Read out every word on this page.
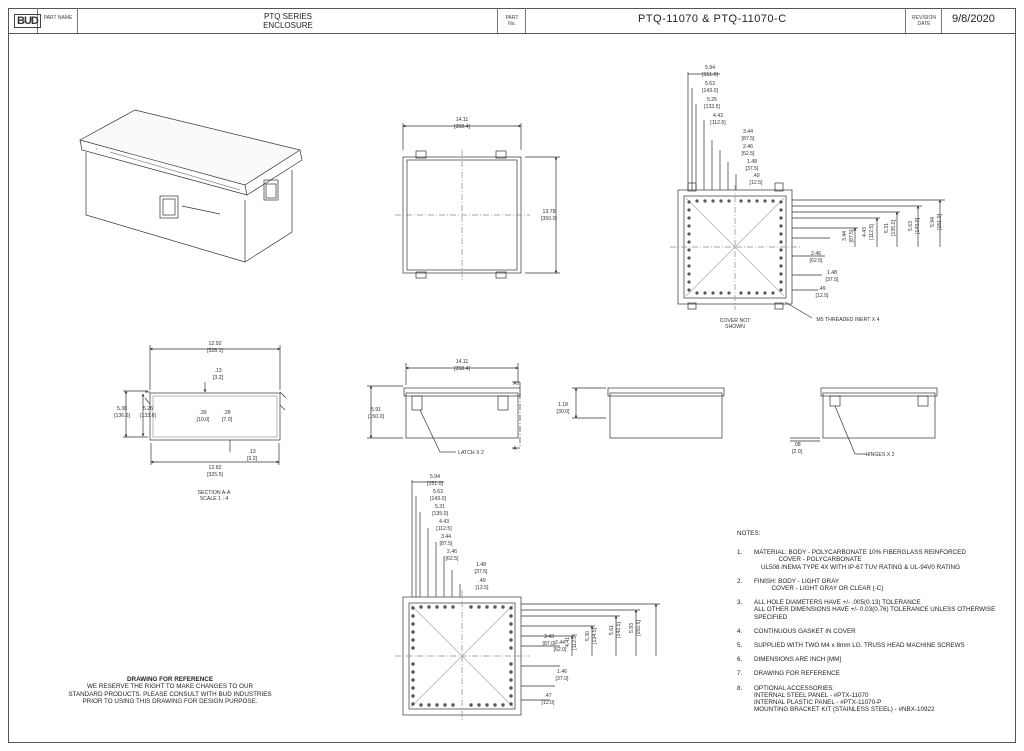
BUD	PART NAME	PTQ SERIES
ENCLOSURE
PART No.	PTQ-11070 & PTQ-11070-C	REVISION DATE	9/8/2020
14.11
[358.4]
13.78
[350.0]
5.94
[151.0]
5.63
[143.0]
5.25
[133.5]
4.43
[112.5]
3.44
[87.5]
2.46
[62.5]
1.48
[37.5]
.49
[12.5]
5.94 [151.0]
5.63 [143.0]
5.31 [135.0]
4.43 [112.5]
3.44 [87.5]
2.46
[62.5]
1.48
[37.5]
.49
[12.5]
COVER NOT
SHOWN
M5 THREADED INERT X 4
12.92
[328.1]
.13
[3.2]
5.38
[136.6]
5.26
[133.6]	.39
[10.0]
.28
[7.0]
.13
[3.2]
12.82
[325.5]
SECTION A-A
SCALE 1 : 4
14.11
[358.4]
5.91
[150.0]
LATCH X 2
A
A
1.18
[30.0]
.08
[2.0]	HINGES X 2
5.94
[151.0]
5.63
[143.0]
5.31
[135.0]
4.43
[112.5]
3.44
[87.5]
2.46
[62.5]
1.48
[37.5]
.49
[12.5]
4.41 [112.0] 5.30 [134.5] 5.61 [142.5] 5.93 [150.5]
3.43
[87.0] 2.44
[62.0]
1.46
[37.0]
.47
[12.0]
DRAWING FOR REFERENCE
WE RESERVE THE RIGHT TO MAKE CHANGES TO OUR
STANDARD PRODUCTS. PLEASE CONSULT WITH BUD INDUSTRIES
PRIOR TO USING THIS DRAWING FOR DESIGN PURPOSE.
NOTES:
1. MATERIAL: BODY - POLYCARBONATE 10% FIBERGLASS REINFORCED
COVER - POLYCARBONATE
UL508 /NEMA TYPE 4X WITH IP-67 TUV RATING & UL-94V0 RATING
2. FINISH: BODY - LIGHT GRAY
COVER - LIGHT GRAY OR CLEAR (-C)
3. ALL HOLE DIAMETERS HAVE +/- .005(0.13) TOLERANCE
ALL OTHER DIMENSIONS HAVE +/- 0.03(0.76) TOLERANCE UNLESS OTHERWISE
SPECIFIED
4. CONTINUOUS GASKET IN COVER
5. SUPPLIED WITH TWO M4 x 8mm LG. TRUSS HEAD MACHINE SCREWS
6. DIMENSIONS ARE INCH [MM]
7. DRAWING FOR REFERENCE
8. OPTIONAL ACCESSORIES:
INTERNAL STEEL PANEL - #PTX-11070
INTERNAL PLASTIC PANEL - #PTX-11070-P
MOUNTING BRACKET KIT (STAINLESS STEEL) - #NBX-10922
